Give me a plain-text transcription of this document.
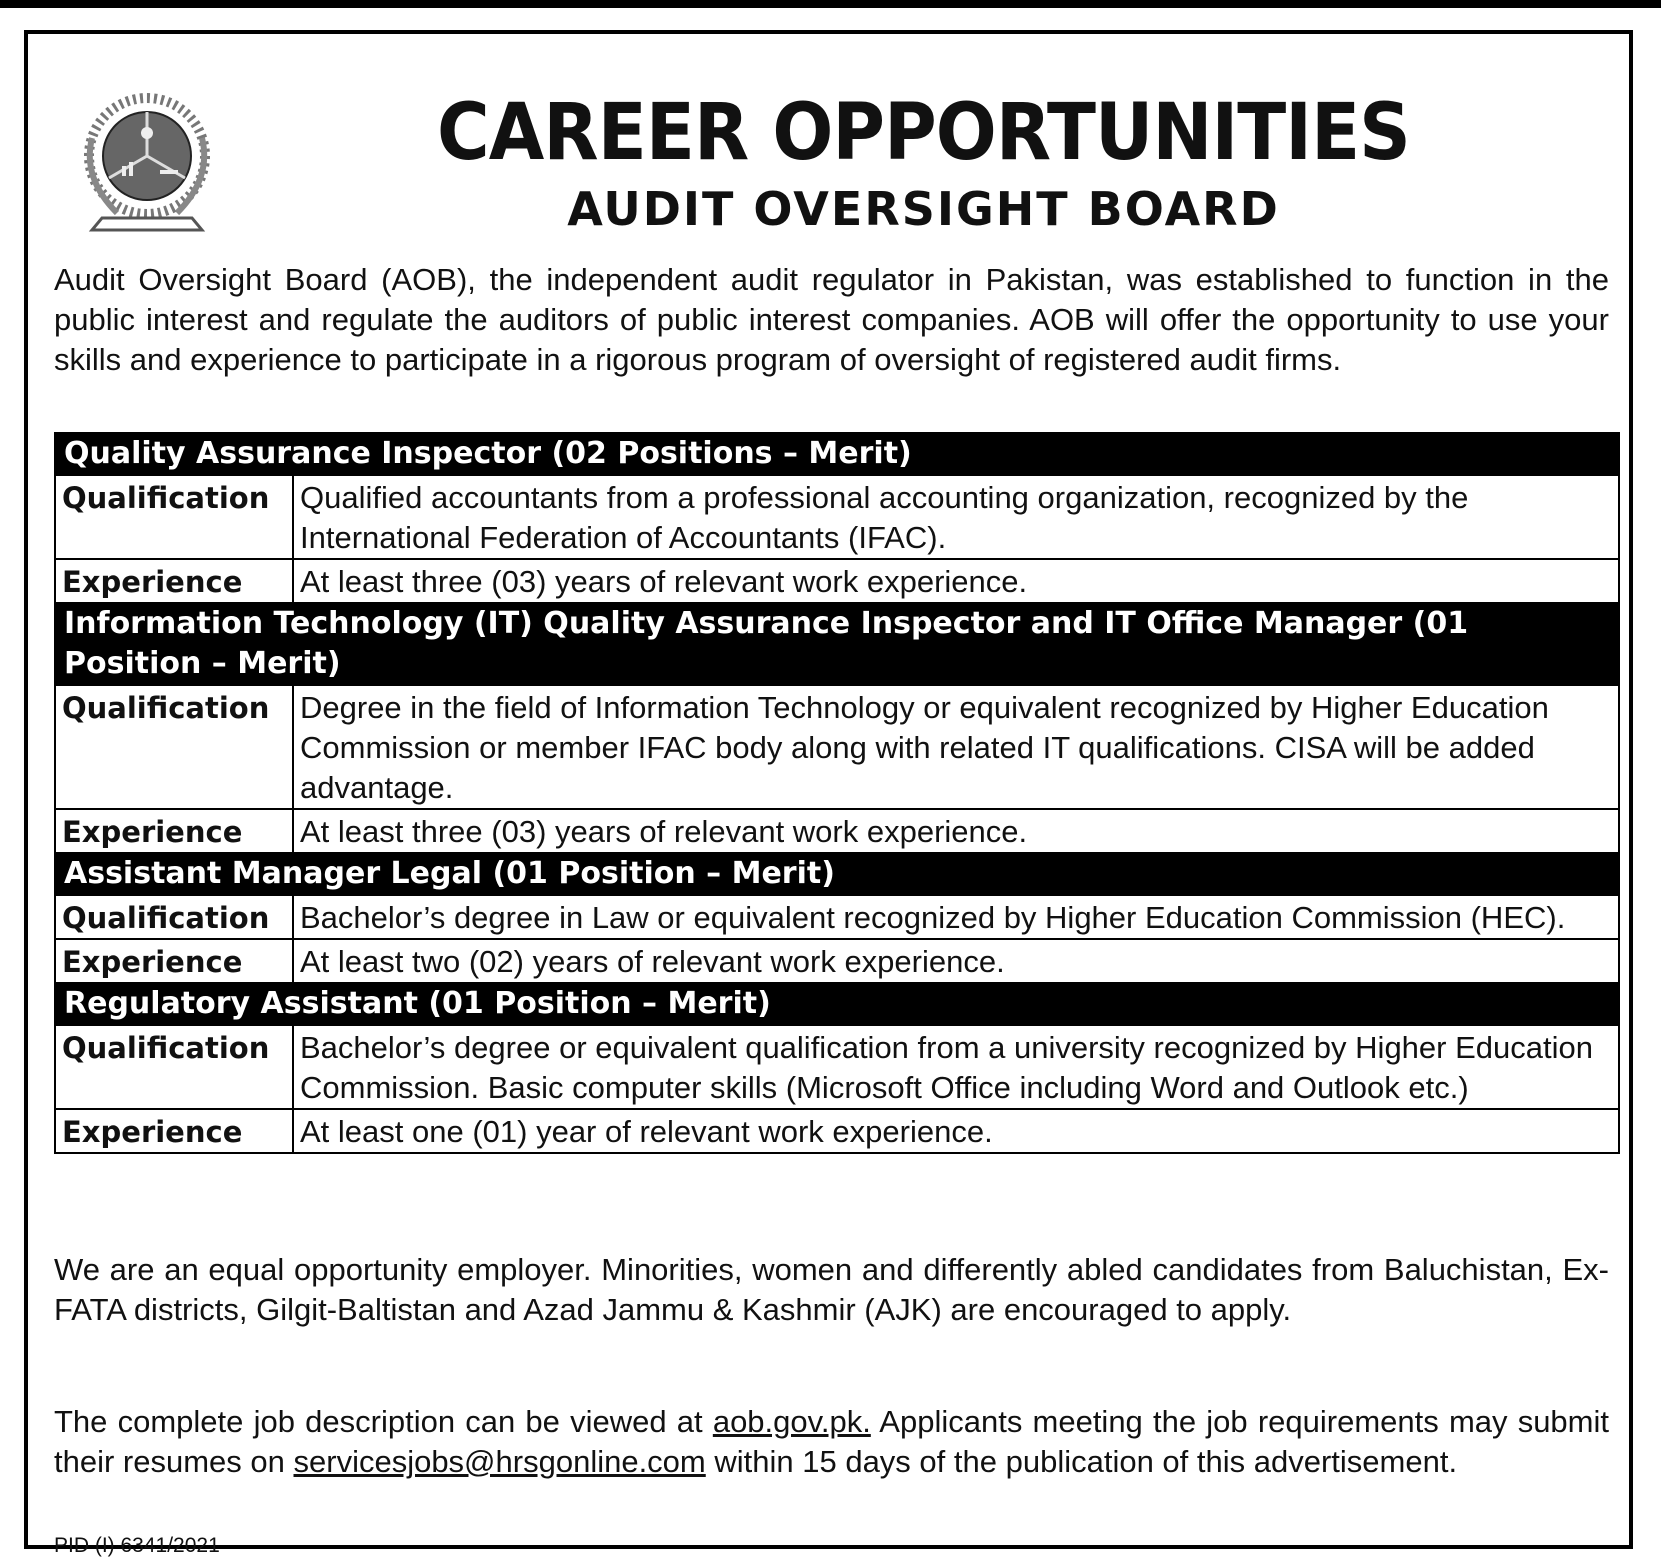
CAREER OPPORTUNITIES
AUDIT OVERSIGHT BOARD

Audit Oversight Board (AOB), the independent audit regulator in Pakistan, was established to function in the public interest and regulate the auditors of public interest companies. AOB will offer the opportunity to use your skills and experience to participate in a rigorous program of oversight of registered audit firms.

Quality Assurance Inspector (02 Positions – Merit)	
Qualification	Qualified accountants from a professional accounting organization, recognized by the International Federation of Accountants (IFAC).
Experience	At least three (03) years of relevant work experience.
Information Technology (IT) Quality Assurance Inspector and IT Office Manager (01 Position – Merit)	
Qualification	Degree in the field of Information Technology or equivalent recognized by Higher Education Commission or member IFAC body along with related IT qualifications. CISA will be added advantage.
Experience	At least three (03) years of relevant work experience.
Assistant Manager Legal (01 Position – Merit)	
Qualification	Bachelor’s degree in Law or equivalent recognized by Higher Education Commission (HEC).
Experience	At least two (02) years of relevant work experience.
Regulatory Assistant (01 Position – Merit)	
Qualification	Bachelor’s degree or equivalent qualification from a university recognized by Higher Education Commission. Basic computer skills (Microsoft Office including Word and Outlook etc.)
Experience	At least one (01) year of relevant work experience.

We are an equal opportunity employer. Minorities, women and differently abled candidates from Baluchistan, Ex-FATA districts, Gilgit-Baltistan and Azad Jammu & Kashmir (AJK) are encouraged to apply.

The complete job description can be viewed at aob.gov.pk. Applicants meeting the job requirements may submit their resumes on servicesjobs@hrsgonline.com within 15 days of the publication of this advertisement.

PID (I) 6341/2021
